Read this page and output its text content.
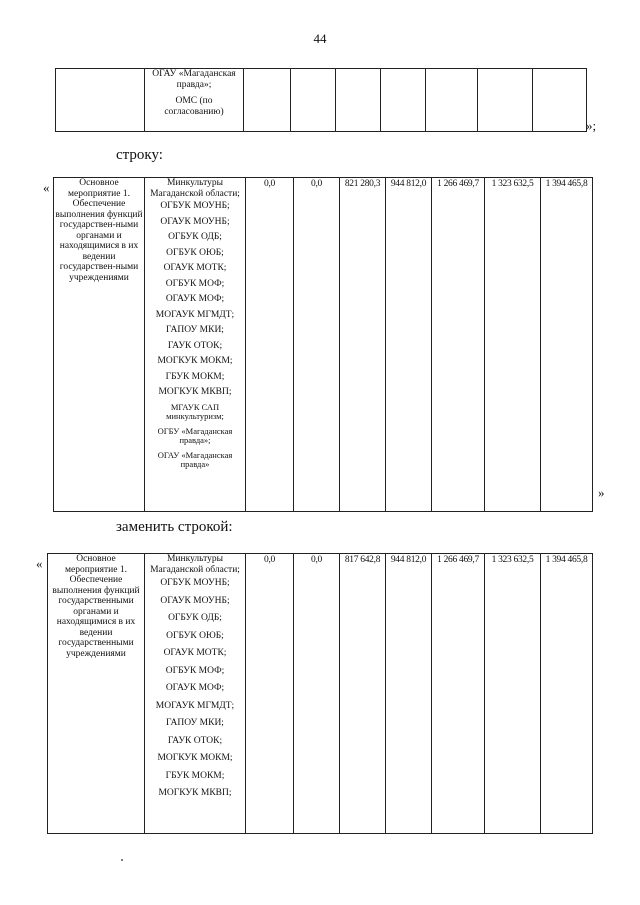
44

ОГАУ «Магаданская правда»;
ОМС (по согласованию)

»;
строку:
«	Основное мероприятие 1. Обеспечение выполнения функций государствен-ными органами и находящимися в их ведении государствен-ными учреждениями	
Минкультуры Магаданской области;
ОГБУК МОУНБ;
ОГАУК МОУНБ;
ОГБУК ОДБ;
ОГБУК ОЮБ;
ОГАУК МОТК;
ОГБУК МОФ;
ОГАУК МОФ;
МОГАУК МГМДТ;
ГАПОУ МКИ;
ГАУК ОТОК;
МОГКУК МОКМ;
ГБУК МОКМ;
МОГКУК МКВП;
МГАУК САП минкультуризм;
ОГБУ «Магаданская правда»;
ОГАУ «Магаданская правда»
	0,0	0,0	821 280,3	944 812,0	1 266 469,7	1 323 632,5	1 394 465,8
»
заменить строкой:
«	Основное мероприятие 1. Обеспечение выполнения функций государственными органами и находящимися в их ведении государственными учреждениями	
Минкультуры Магаданской области;
ОГБУК МОУНБ;
ОГАУК МОУНБ;
ОГБУК ОДБ;
ОГБУК ОЮБ;
ОГАУК МОТК;
ОГБУК МОФ;
ОГАУК МОФ;
МОГАУК МГМДТ;
ГАПОУ МКИ;
ГАУК ОТОК;
МОГКУК МОКМ;
ГБУК МОКМ;
МОГКУК МКВП;
	0,0	0,0	817 642,8	944 812,0	1 266 469,7	1 323 632,5	1 394 465,8
